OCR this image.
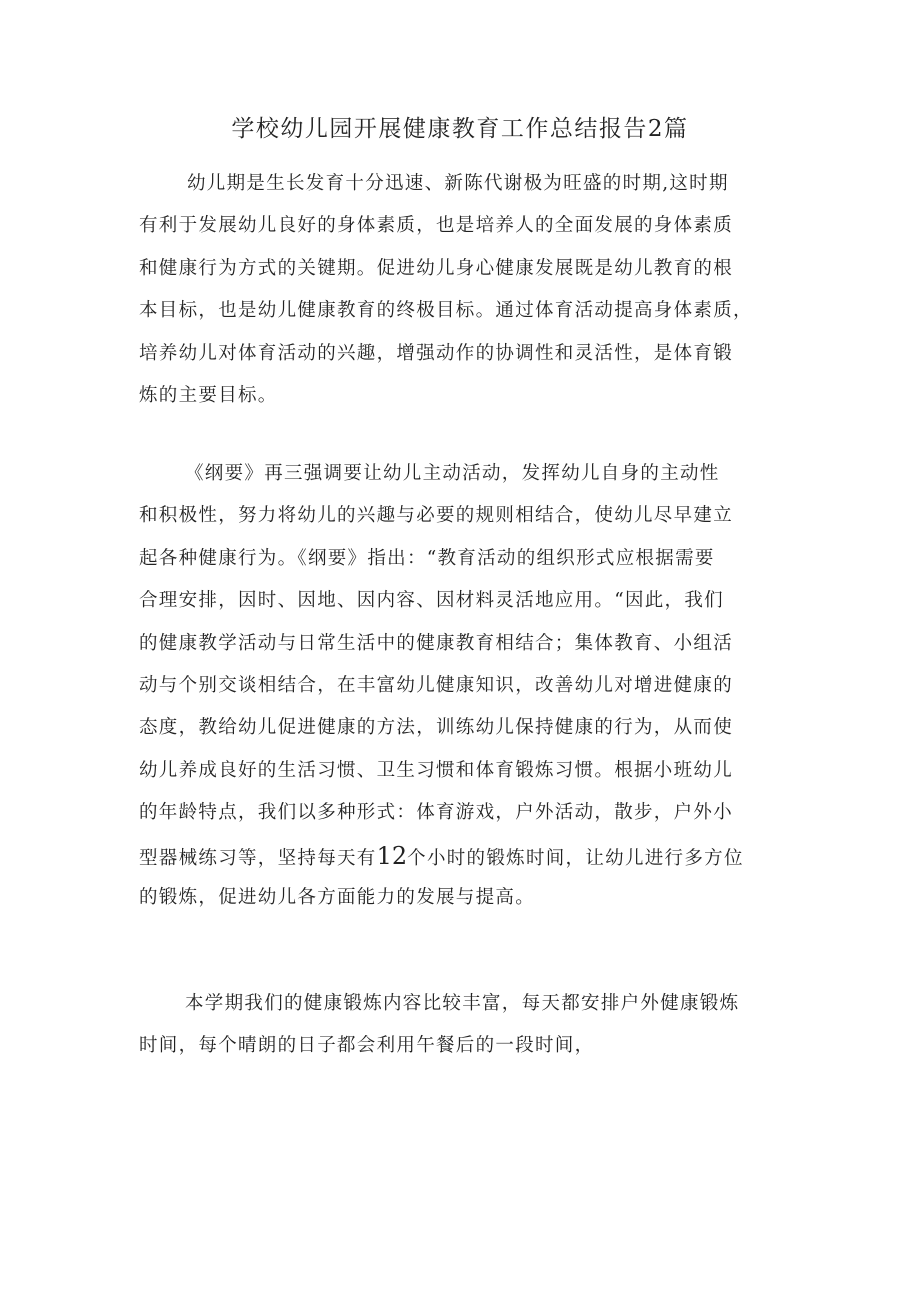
学校幼儿园开展健康教育工作总结报告2篇

幼儿期是生长发育十分迅速、新陈代谢极为旺盛的时期,这时期
有利于发展幼儿良好的身体素质，也是培养人的全面发展的身体素质
和健康行为方式的关键期。促进幼儿身心健康发展既是幼儿教育的根
本目标，也是幼儿健康教育的终极目标。通过体育活动提高身体素质，
培养幼儿对体育活动的兴趣，增强动作的协调性和灵活性，是体育锻
炼的主要目标。

《纲要》再三强调要让幼儿主动活动，发挥幼儿自身的主动性
和积极性，努力将幼儿的兴趣与必要的规则相结合，使幼儿尽早建立
起各种健康行为。《纲要》指出：“教育活动的组织形式应根据需要
合理安排，因时、因地、因内容、因材料灵活地应用。“因此，我们
的健康教学活动与日常生活中的健康教育相结合；集体教育、小组活
动与个别交谈相结合，在丰富幼儿健康知识，改善幼儿对增进健康的
态度，教给幼儿促进健康的方法，训练幼儿保持健康的行为，从而使
幼儿养成良好的生活习惯、卫生习惯和体育锻炼习惯。根据小班幼儿
的年龄特点，我们以多种形式：体育游戏，户外活动，散步，户外小
型器械练习等，坚持每天有12个小时的锻炼时间，让幼儿进行多方位
的锻炼，促进幼儿各方面能力的发展与提高。

本学期我们的健康锻炼内容比较丰富，每天都安排户外健康锻炼
时间，每个晴朗的日子都会利用午餐后的一段时间，
